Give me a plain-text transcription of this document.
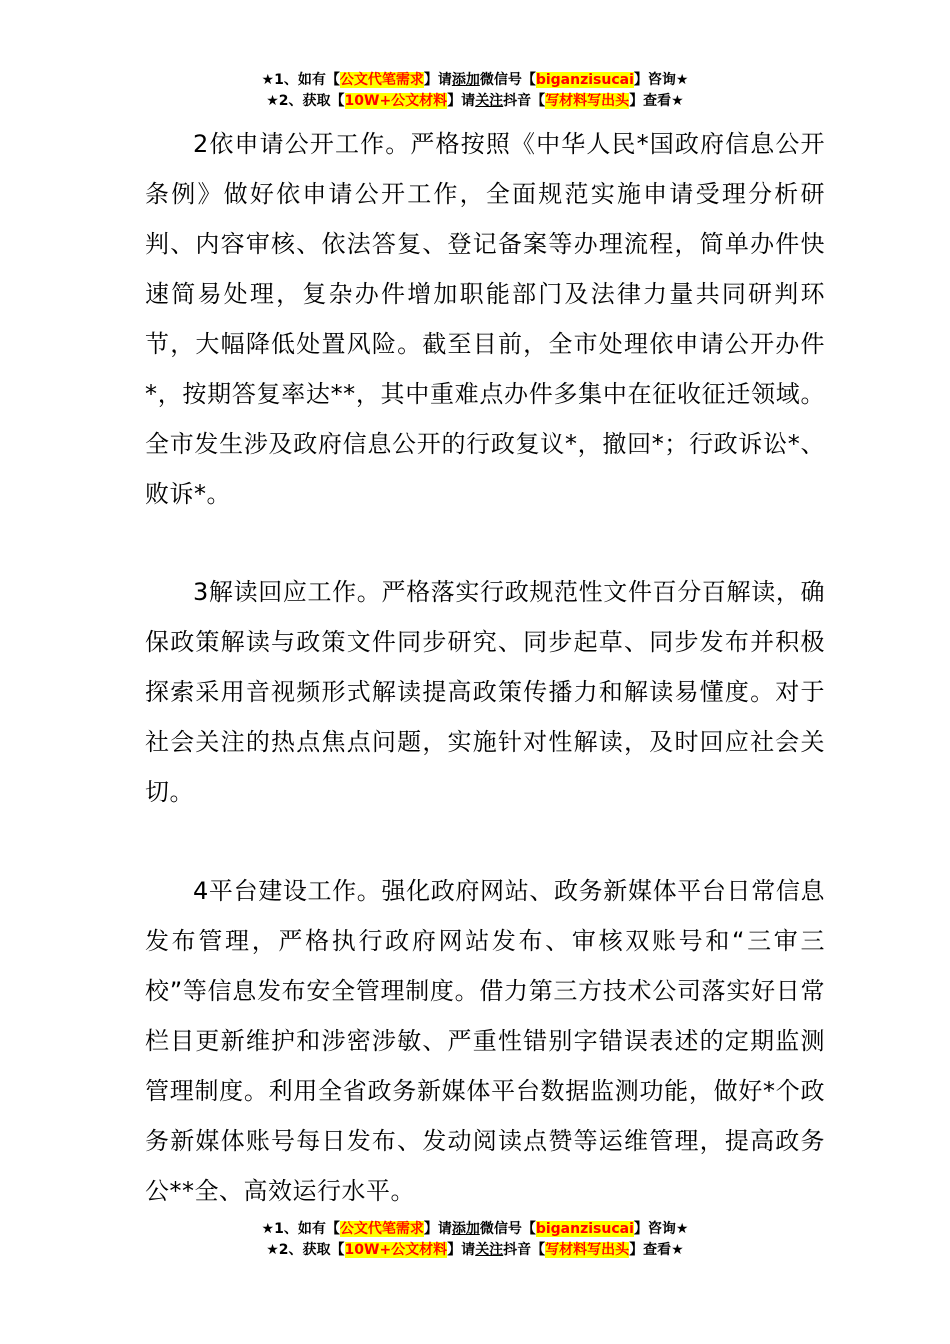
★1、如有【公文代笔需求】请添加微信号【biganzisucai】咨询★
★2、获取【10W+公文材料】请关注抖音【写材料写出头】查看★

2依申请公开工作。严格按照《中华人民*国政府信息公开条例》做好依申请公开工作，全面规范实施申请受理分析研判、内容审核、依法答复、登记备案等办理流程，简单办件快速简易处理，复杂办件增加职能部门及法律力量共同研判环节，大幅降低处置风险。截至目前，全市处理依申请公开办件*，按期答复率达**，其中重难点办件多集中在征收征迁领域。全市发生涉及政府信息公开的行政复议*，撤回*；行政诉讼*、败诉*。

3解读回应工作。严格落实行政规范性文件百分百解读，确保政策解读与政策文件同步研究、同步起草、同步发布并积极探索采用音视频形式解读提高政策传播力和解读易懂度。对于社会关注的热点焦点问题，实施针对性解读，及时回应社会关切。

4平台建设工作。强化政府网站、政务新媒体平台日常信息发布管理，严格执行政府网站发布、审核双账号和“三审三校”等信息发布安全管理制度。借力第三方技术公司落实好日常栏目更新维护和涉密涉敏、严重性错别字错误表述的定期监测管理制度。利用全省政务新媒体平台数据监测功能，做好*个政务新媒体账号每日发布、发动阅读点赞等运维管理，提高政务公**全、高效运行水平。

★1、如有【公文代笔需求】请添加微信号【biganzisucai】咨询★
★2、获取【10W+公文材料】请关注抖音【写材料写出头】查看★
